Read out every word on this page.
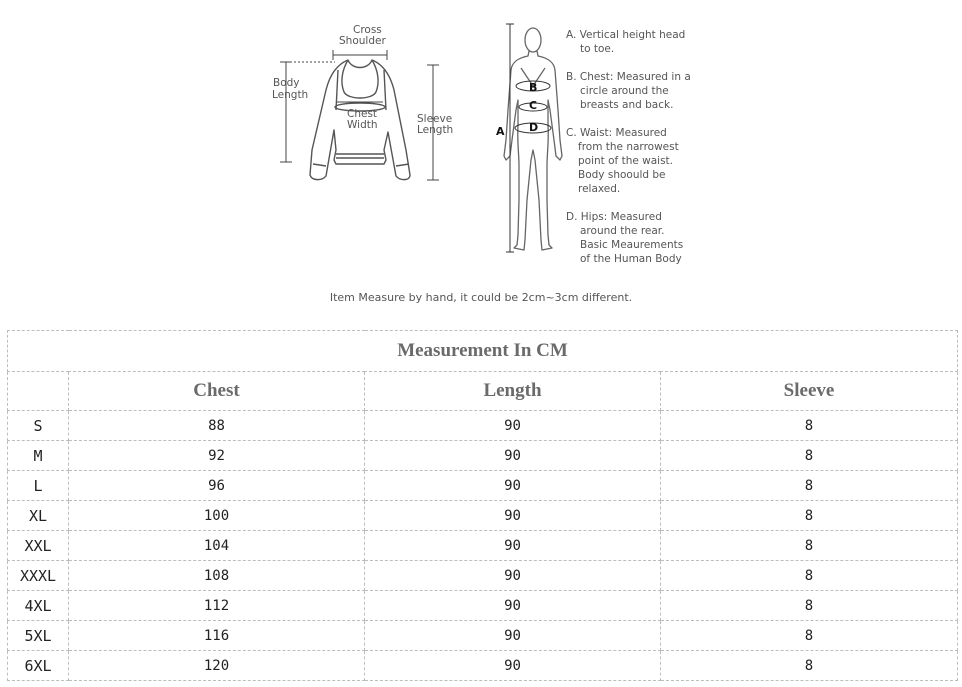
Cross
Shoulder
Body
Length
Chest
Width	Sleeve
Length	A
B
C
D
A. Vertical height head
to toe.
B. Chest: Measured in a
circle around the
breasts and back.
C. Waist: Measured
from the narrowest
point of the waist.
Body shoould be
relaxed.
D. Hips: Measured
around the rear.
Basic Meaurements
of the Human Body
Item Measure by hand, it could be 2cm~3cm different.
Measurement In CM			
	Chest	Length	Sleeve
S	88	90	8
M	92	90	8
L	96	90	8
XL	100	90	8
XXL	104	90	8
XXXL	108	90	8
4XL	112	90	8
5XL	116	90	8
6XL	120	90	8
